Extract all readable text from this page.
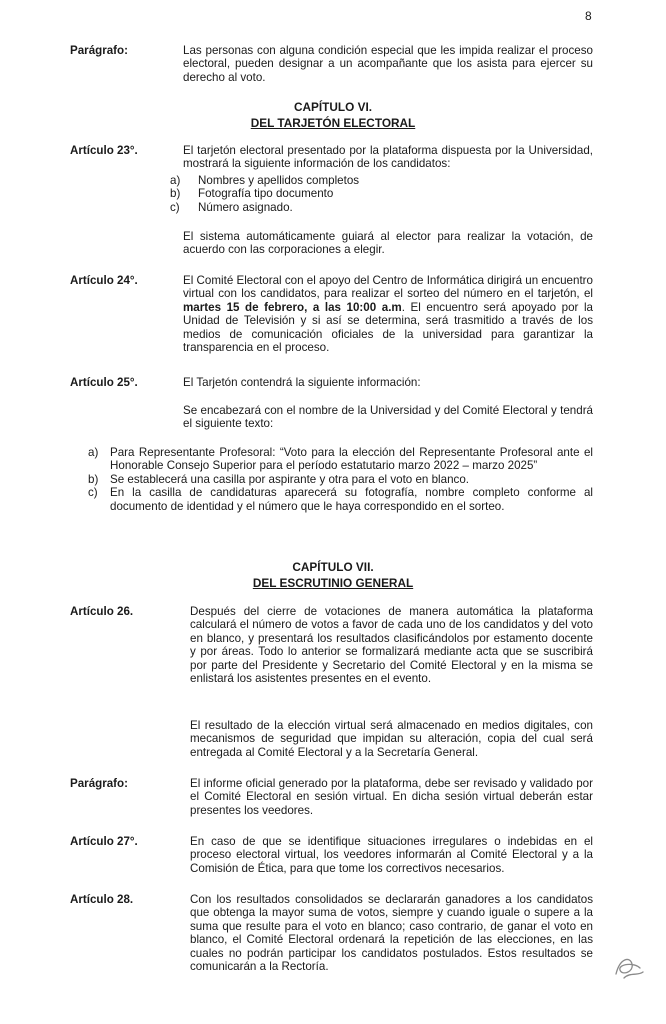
8
Parágrafo:	Las personas con alguna condición especial que les impida realizar el proceso electoral, pueden designar a un acompañante que los asista para ejercer su derecho al voto.
CAPÍTULO VI.
DEL TARJETÓN ELECTORAL
Artículo 23°.	El tarjetón electoral presentado por la plataforma dispuesta por la Universidad, mostrará la siguiente información de los candidatos:
a)	Nombres y apellidos completos
b)	Fotografía tipo documento
c)	Número asignado.
El sistema automáticamente guiará al elector para realizar la votación, de acuerdo con las corporaciones a elegir.
Artículo 24°.	El Comité Electoral con el apoyo del Centro de Informática dirigirá un encuentro virtual con los candidatos, para realizar el sorteo del número en el tarjetón, el martes 15 de febrero, a las 10:00 a.m. El encuentro será apoyado por la Unidad de Televisión y si así se determina, será trasmitido a través de los medios de comunicación oficiales de la universidad para garantizar la transparencia en el proceso.
Artículo 25°.	El Tarjetón contendrá la siguiente información:
Se encabezará con el nombre de la Universidad y del Comité Electoral y tendrá el siguiente texto:
a)	Para Representante Profesoral: “Voto para la elección del Representante Profesoral ante el Honorable Consejo Superior para el período estatutario marzo 2022 – marzo 2025”
b)	Se establecerá una casilla por aspirante y otra para el voto en blanco.
c)	En la casilla de candidaturas aparecerá su fotografía, nombre completo conforme al documento de identidad y el número que le haya correspondido en el sorteo.
CAPÍTULO VII.
DEL ESCRUTINIO GENERAL
Artículo 26.	Después del cierre de votaciones de manera automática la plataforma calculará el número de votos a favor de cada uno de los candidatos y del voto en blanco, y presentará los resultados clasificándolos por estamento docente y por áreas. Todo lo anterior se formalizará mediante acta que se suscribirá por parte del Presidente y Secretario del Comité Electoral y en la misma se enlistará los asistentes presentes en el evento.
El resultado de la elección virtual será almacenado en medios digitales, con mecanismos de seguridad que impidan su alteración, copia del cual será entregada al Comité Electoral y a la Secretaría General.
Parágrafo:	El informe oficial generado por la plataforma, debe ser revisado y validado por el Comité Electoral en sesión virtual. En dicha sesión virtual deberán estar presentes los veedores.
Artículo 27°.	En caso de que se identifique situaciones irregulares o indebidas en el proceso electoral virtual, los veedores informarán al Comité Electoral y a la Comisión de Ética, para que tome los correctivos necesarios.
Artículo 28.	Con los resultados consolidados se declararán ganadores a los candidatos que obtenga la mayor suma de votos, siempre y cuando iguale o supere a la suma que resulte para el voto en blanco; caso contrario, de ganar el voto en blanco, el Comité Electoral ordenará la repetición de las elecciones, en las cuales no podrán participar los candidatos postulados. Estos resultados se comunicarán a la Rectoría.
